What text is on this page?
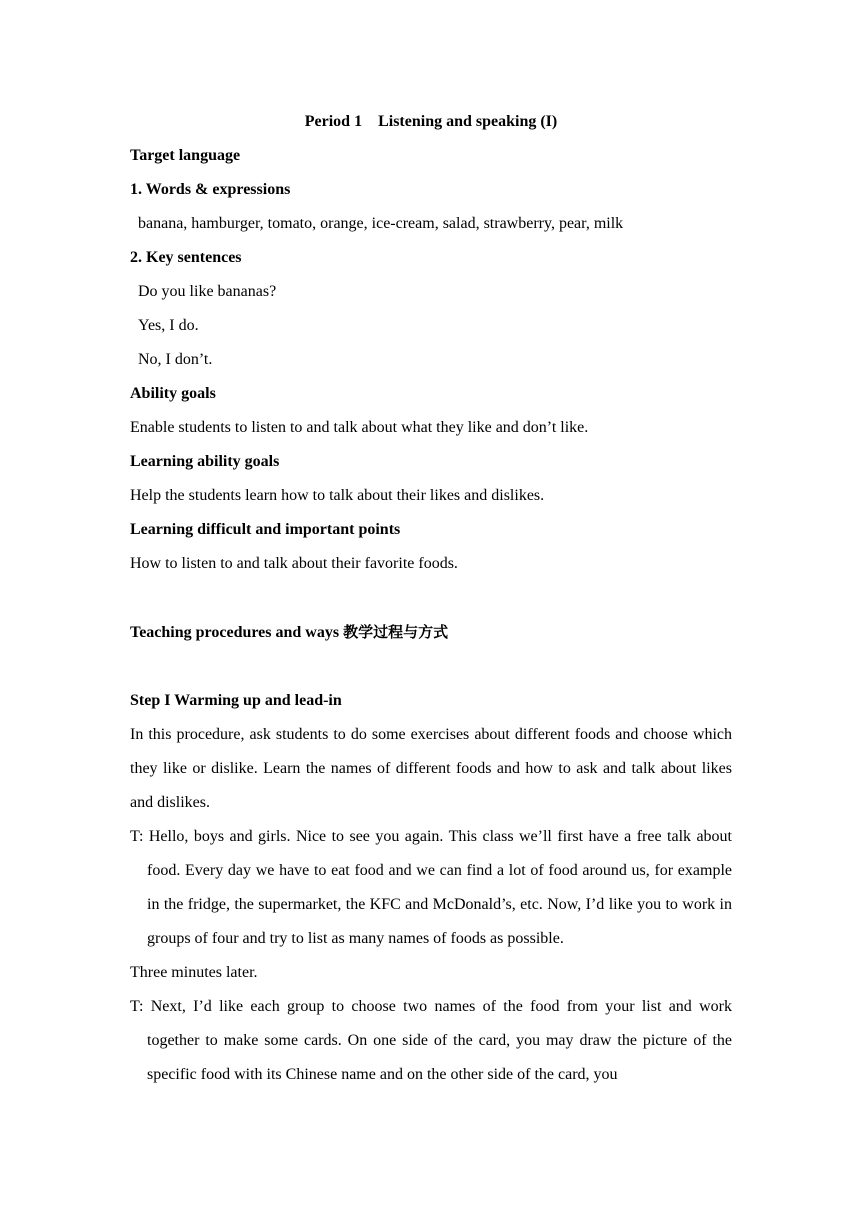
Period 1    Listening and speaking (I)

Target language

1. Words & expressions

banana, hamburger, tomato, orange, ice-cream, salad, strawberry, pear, milk

2. Key sentences

Do you like bananas?

Yes, I do.

No, I don’t.

Ability goals

Enable students to listen to and talk about what they like and don’t like.

Learning ability goals

Help the students learn how to talk about their likes and dislikes.

Learning difficult and important points

How to listen to and talk about their favorite foods.

Teaching procedures and ways 教学过程与方式

Step I Warming up and lead-in

In this procedure, ask students to do some exercises about different foods and choose which they like or dislike. Learn the names of different foods and how to ask and talk about likes and dislikes.

T: Hello, boys and girls. Nice to see you again. This class we’ll first have a free talk about food. Every day we have to eat food and we can find a lot of food around us, for example in the fridge, the supermarket, the KFC and McDonald’s, etc. Now, I’d like you to work in groups of four and try to list as many names of foods as possible.

Three minutes later.

T: Next, I’d like each group to choose two names of the food from your list and work together to make some cards. On one side of the card, you may draw the picture of the specific food with its Chinese name and on the other side of the card, you
